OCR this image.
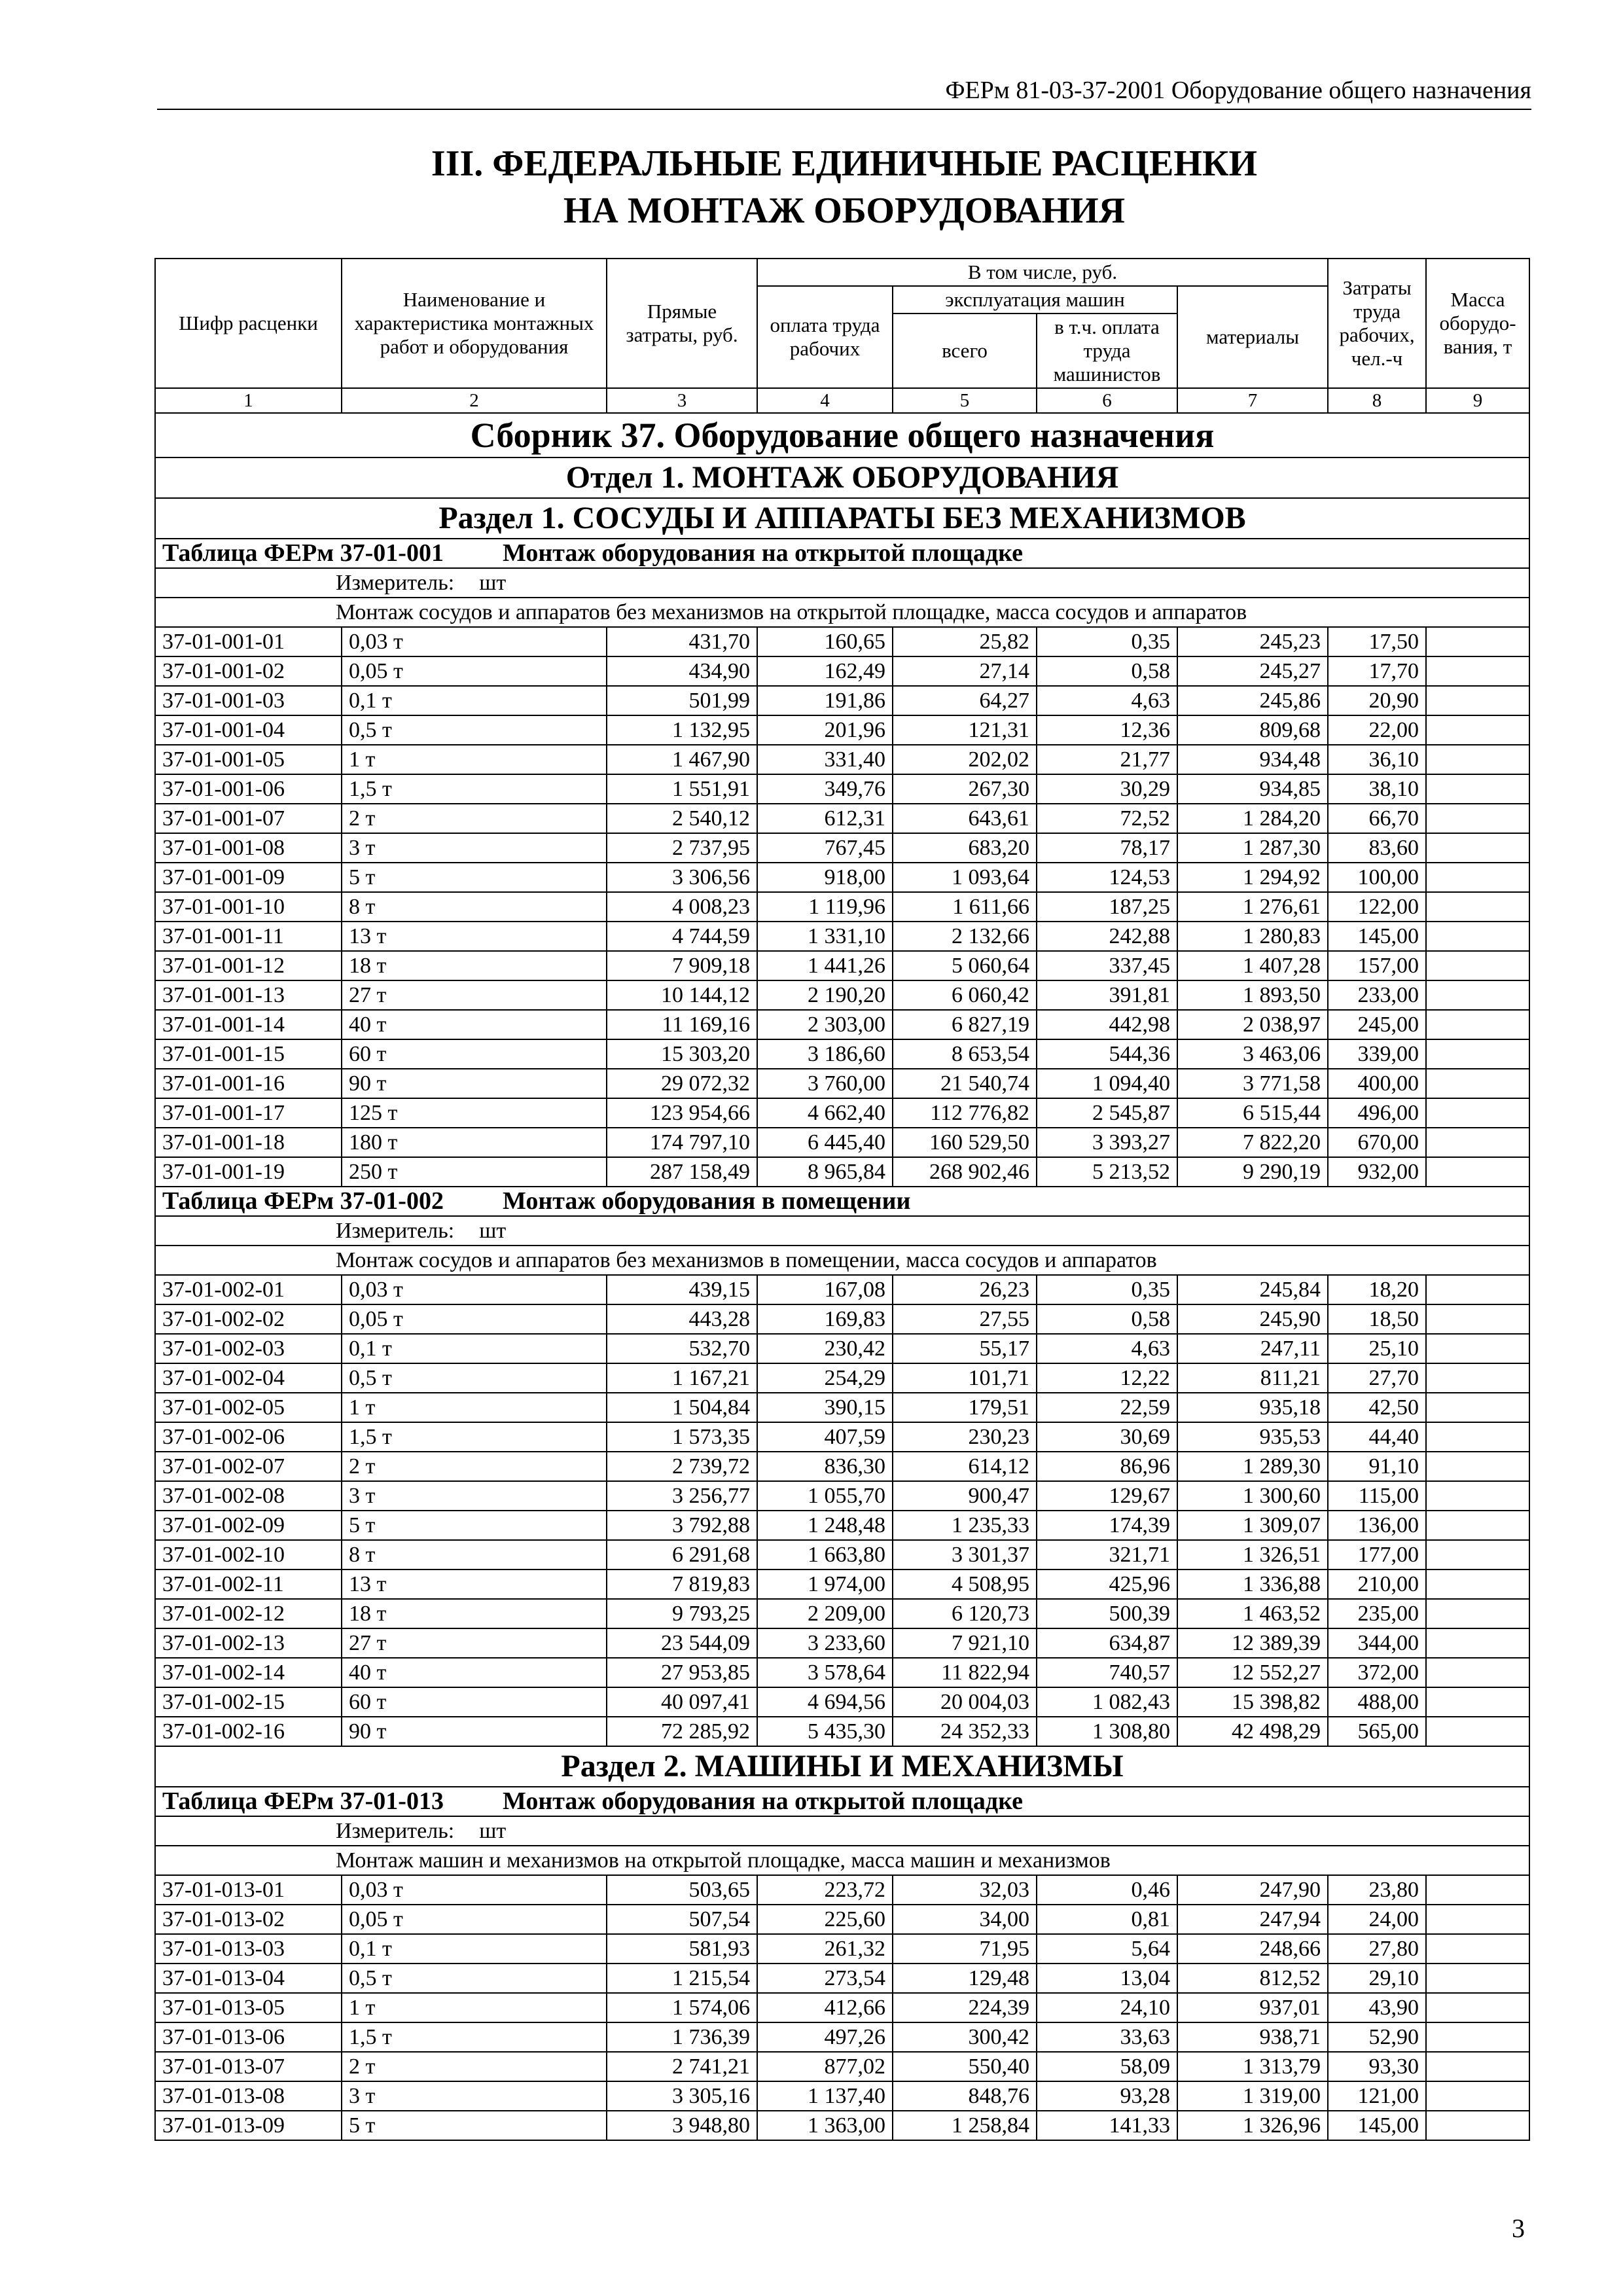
ФЕРм 81-03-37-2001 Оборудование общего назначения
III. ФЕДЕРАЛЬНЫЕ ЕДИНИЧНЫЕ РАСЦЕНКИ
НА МОНТАЖ ОБОРУДОВАНИЯ
Шифр расценки	Наименование и характеристика монтажных работ и оборудования	Прямые затраты, руб.	В том числе, руб.				Затраты труда рабочих, чел.-ч	Масса оборудо-вания, т
			оплата труда рабочих	эксплуатация машин		материалы		
				всего	в т.ч. оплата труда машинистов			
1	2	3	4	5	6	7	8	9
Сборник 37. Оборудование общего назначения								
Отдел 1. МОНТАЖ ОБОРУДОВАНИЯ								
Раздел 1. СОСУДЫ И АППАРАТЫ БЕЗ МЕХАНИЗМОВ								
Таблица ФЕРм 37-01-001 Монтаж оборудования на открытой площадке								
Измеритель: шт								
Монтаж сосудов и аппаратов без механизмов на открытой площадке, масса сосудов и аппаратов								
37-01-001-01	0,03 т	431,70	160,65	25,82	0,35	245,23	17,50	
37-01-001-02	0,05 т	434,90	162,49	27,14	0,58	245,27	17,70	
37-01-001-03	0,1 т	501,99	191,86	64,27	4,63	245,86	20,90	
37-01-001-04	0,5 т	1 132,95	201,96	121,31	12,36	809,68	22,00	
37-01-001-05	1 т	1 467,90	331,40	202,02	21,77	934,48	36,10	
37-01-001-06	1,5 т	1 551,91	349,76	267,30	30,29	934,85	38,10	
37-01-001-07	2 т	2 540,12	612,31	643,61	72,52	1 284,20	66,70	
37-01-001-08	3 т	2 737,95	767,45	683,20	78,17	1 287,30	83,60	
37-01-001-09	5 т	3 306,56	918,00	1 093,64	124,53	1 294,92	100,00	
37-01-001-10	8 т	4 008,23	1 119,96	1 611,66	187,25	1 276,61	122,00	
37-01-001-11	13 т	4 744,59	1 331,10	2 132,66	242,88	1 280,83	145,00	
37-01-001-12	18 т	7 909,18	1 441,26	5 060,64	337,45	1 407,28	157,00	
37-01-001-13	27 т	10 144,12	2 190,20	6 060,42	391,81	1 893,50	233,00	
37-01-001-14	40 т	11 169,16	2 303,00	6 827,19	442,98	2 038,97	245,00	
37-01-001-15	60 т	15 303,20	3 186,60	8 653,54	544,36	3 463,06	339,00	
37-01-001-16	90 т	29 072,32	3 760,00	21 540,74	1 094,40	3 771,58	400,00	
37-01-001-17	125 т	123 954,66	4 662,40	112 776,82	2 545,87	6 515,44	496,00	
37-01-001-18	180 т	174 797,10	6 445,40	160 529,50	3 393,27	7 822,20	670,00	
37-01-001-19	250 т	287 158,49	8 965,84	268 902,46	5 213,52	9 290,19	932,00	
Таблица ФЕРм 37-01-002 Монтаж оборудования в помещении								
Измеритель: шт								
Монтаж сосудов и аппаратов без механизмов в помещении, масса сосудов и аппаратов								
37-01-002-01	0,03 т	439,15	167,08	26,23	0,35	245,84	18,20	
37-01-002-02	0,05 т	443,28	169,83	27,55	0,58	245,90	18,50	
37-01-002-03	0,1 т	532,70	230,42	55,17	4,63	247,11	25,10	
37-01-002-04	0,5 т	1 167,21	254,29	101,71	12,22	811,21	27,70	
37-01-002-05	1 т	1 504,84	390,15	179,51	22,59	935,18	42,50	
37-01-002-06	1,5 т	1 573,35	407,59	230,23	30,69	935,53	44,40	
37-01-002-07	2 т	2 739,72	836,30	614,12	86,96	1 289,30	91,10	
37-01-002-08	3 т	3 256,77	1 055,70	900,47	129,67	1 300,60	115,00	
37-01-002-09	5 т	3 792,88	1 248,48	1 235,33	174,39	1 309,07	136,00	
37-01-002-10	8 т	6 291,68	1 663,80	3 301,37	321,71	1 326,51	177,00	
37-01-002-11	13 т	7 819,83	1 974,00	4 508,95	425,96	1 336,88	210,00	
37-01-002-12	18 т	9 793,25	2 209,00	6 120,73	500,39	1 463,52	235,00	
37-01-002-13	27 т	23 544,09	3 233,60	7 921,10	634,87	12 389,39	344,00	
37-01-002-14	40 т	27 953,85	3 578,64	11 822,94	740,57	12 552,27	372,00	
37-01-002-15	60 т	40 097,41	4 694,56	20 004,03	1 082,43	15 398,82	488,00	
37-01-002-16	90 т	72 285,92	5 435,30	24 352,33	1 308,80	42 498,29	565,00	
Раздел 2. МАШИНЫ И МЕХАНИЗМЫ								
Таблица ФЕРм 37-01-013 Монтаж оборудования на открытой площадке								
Измеритель: шт								
Монтаж машин и механизмов на открытой площадке, масса машин и механизмов								
37-01-013-01	0,03 т	503,65	223,72	32,03	0,46	247,90	23,80	
37-01-013-02	0,05 т	507,54	225,60	34,00	0,81	247,94	24,00	
37-01-013-03	0,1 т	581,93	261,32	71,95	5,64	248,66	27,80	
37-01-013-04	0,5 т	1 215,54	273,54	129,48	13,04	812,52	29,10	
37-01-013-05	1 т	1 574,06	412,66	224,39	24,10	937,01	43,90	
37-01-013-06	1,5 т	1 736,39	497,26	300,42	33,63	938,71	52,90	
37-01-013-07	2 т	2 741,21	877,02	550,40	58,09	1 313,79	93,30	
37-01-013-08	3 т	3 305,16	1 137,40	848,76	93,28	1 319,00	121,00	
37-01-013-09	5 т	3 948,80	1 363,00	1 258,84	141,33	1 326,96	145,00	
3
